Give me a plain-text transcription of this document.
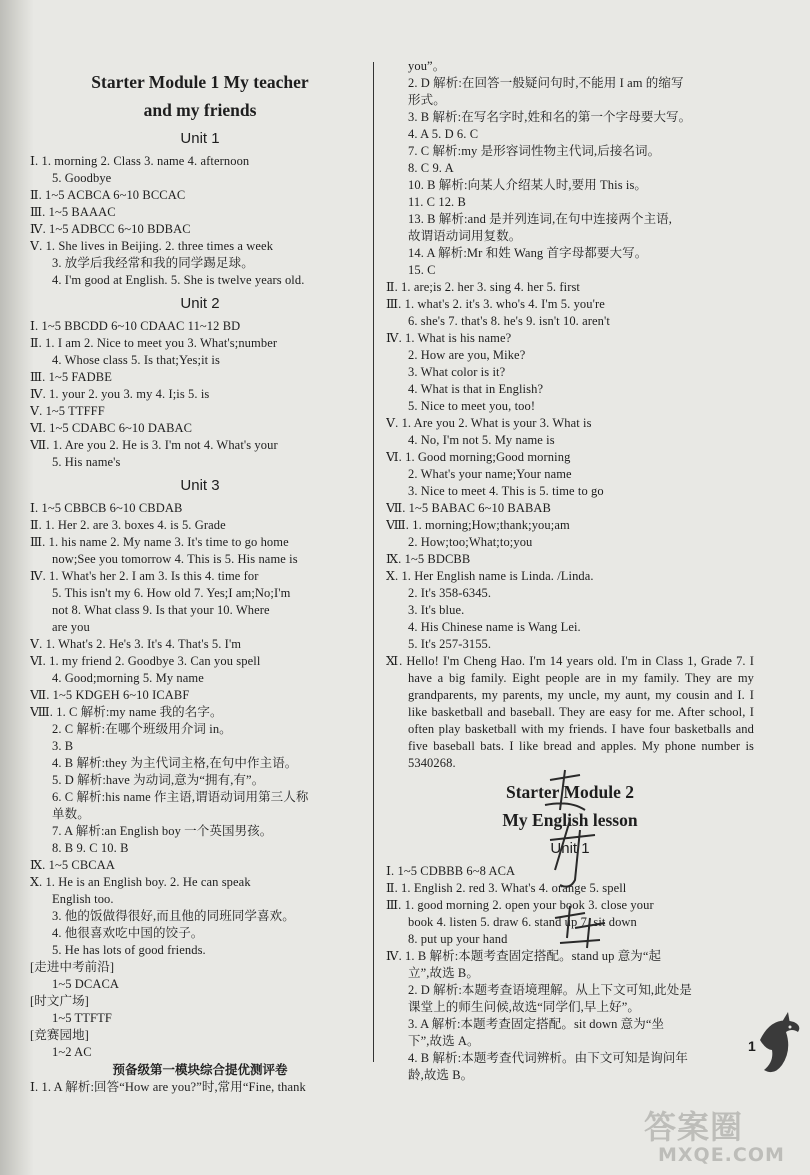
Starter Module 1 My teacher
and my friends
Unit 1
Ⅰ. 1. morning 2. Class 3. name 4. afternoon
5. Goodbye
Ⅱ. 1~5 ACBCA 6~10 BCCAC
Ⅲ. 1~5 BAAAC
Ⅳ. 1~5 ADBCC 6~10 BDBAC
Ⅴ. 1. She lives in Beijing. 2. three times a week
3. 放学后我经常和我的同学踢足球。
4. I'm good at English. 5. She is twelve years old.
Unit 2
Ⅰ. 1~5 BBCDD 6~10 CDAAC 11~12 BD
Ⅱ. 1. I am 2. Nice to meet you 3. What's;number
4. Whose class 5. Is that;Yes;it is
Ⅲ. 1~5 FADBE
Ⅳ. 1. your 2. you 3. my 4. I;is 5. is
Ⅴ. 1~5 TTFFF
Ⅵ. 1~5 CDABC 6~10 DABAC
Ⅶ. 1. Are you 2. He is 3. I'm not 4. What's your
5. His name's
Unit 3
Ⅰ. 1~5 CBBCB 6~10 CBDAB
Ⅱ. 1. Her 2. are 3. boxes 4. is 5. Grade
Ⅲ. 1. his name 2. My name 3. It's time to go home
now;See you tomorrow 4. This is 5. His name is
Ⅳ. 1. What's her 2. I am 3. Is this 4. time for
5. This isn't my 6. How old 7. Yes;I am;No;I'm
not 8. What class 9. Is that your 10. Where
are you
Ⅴ. 1. What's 2. He's 3. It's 4. That's 5. I'm
Ⅵ. 1. my friend 2. Goodbye 3. Can you spell
4. Good;morning 5. My name
Ⅶ. 1~5 KDGEH 6~10 ICABF
Ⅷ. 1. C 解析:my name 我的名字。
2. C 解析:在哪个班级用介词 in。
3. B
4. B 解析:they 为主代词主格,在句中作主语。
5. D 解析:have 为动词,意为“拥有,有”。
6. C 解析:his name 作主语,谓语动词用第三人称
单数。
7. A 解析:an English boy 一个英国男孩。
8. B 9. C 10. B
Ⅸ. 1~5 CBCAA
Ⅹ. 1. He is an English boy. 2. He can speak
English too.
3. 他的饭做得很好,而且他的同班同学喜欢。
4. 他很喜欢吃中国的饺子。
5. He has lots of good friends.
[走进中考前沿]
1~5 DCACA
[时文广场]
1~5 TTFTF
[竞赛园地]
1~2 AC
预备级第一模块综合提优测评卷
Ⅰ. 1. A 解析:回答“How are you?”时,常用“Fine, thank
you”。
2. D 解析:在回答一般疑问句时,不能用 I am 的缩写
形式。
3. B 解析:在写名字时,姓和名的第一个字母要大写。
4. A 5. D 6. C
7. C 解析:my 是形容词性物主代词,后接名词。
8. C 9. A
10. B 解析:向某人介绍某人时,要用 This is。
11. C 12. B
13. B 解析:and 是并列连词,在句中连接两个主语,
故谓语动词用复数。
14. A 解析:Mr 和姓 Wang 首字母都要大写。
15. C
Ⅱ. 1. are;is 2. her 3. sing 4. her 5. first
Ⅲ. 1. what's 2. it's 3. who's 4. I'm 5. you're
6. she's 7. that's 8. he's 9. isn't 10. aren't
Ⅳ. 1. What is his name?
2. How are you, Mike?
3. What color is it?
4. What is that in English?
5. Nice to meet you, too!
Ⅴ. 1. Are you 2. What is your 3. What is
4. No, I'm not 5. My name is
Ⅵ. 1. Good morning;Good morning
2. What's your name;Your name
3. Nice to meet 4. This is 5. time to go
Ⅶ. 1~5 BABAC 6~10 BABAB
Ⅷ. 1. morning;How;thank;you;am
2. How;too;What;to;you
Ⅸ. 1~5 BDCBB
Ⅹ. 1. Her English name is Linda. /Linda.
2. It's 358-6345.
3. It's blue.
4. His Chinese name is Wang Lei.
5. It's 257-3155.
Ⅺ. Hello! I'm Cheng Hao. I'm 14 years old. I'm in Class 1, Grade 7. I have a big family. Eight people are in my family. They are my grandparents, my parents, my uncle, my aunt, my cousin and I. I like basketball and baseball. They are easy for me. After school, I often play basketball with my friends. I have four basketballs and five baseball bats. I like bread and apples. My phone number is 5340268.
Starter Module 2
My English lesson
Unit 1
Ⅰ. 1~5 CDBBB 6~8 ACA
Ⅱ. 1. English 2. red 3. What's 4. orange 5. spell
Ⅲ. 1. good morning 2. open your book 3. close your
book 4. listen 5. draw 6. stand up 7. sit down
8. put up your hand
Ⅳ. 1. B 解析:本题考查固定搭配。stand up 意为“起
立”,故选 B。
2. D 解析:本题考查语境理解。从上下文可知,此处是
课堂上的师生问候,故选“同学们,早上好”。
3. A 解析:本题考查固定搭配。sit down 意为“坐
下”,故选 A。
4. B 解析:本题考查代词辨析。由下文可知是询问年
龄,故选 B。
1
答案圈
MXQE.COM
